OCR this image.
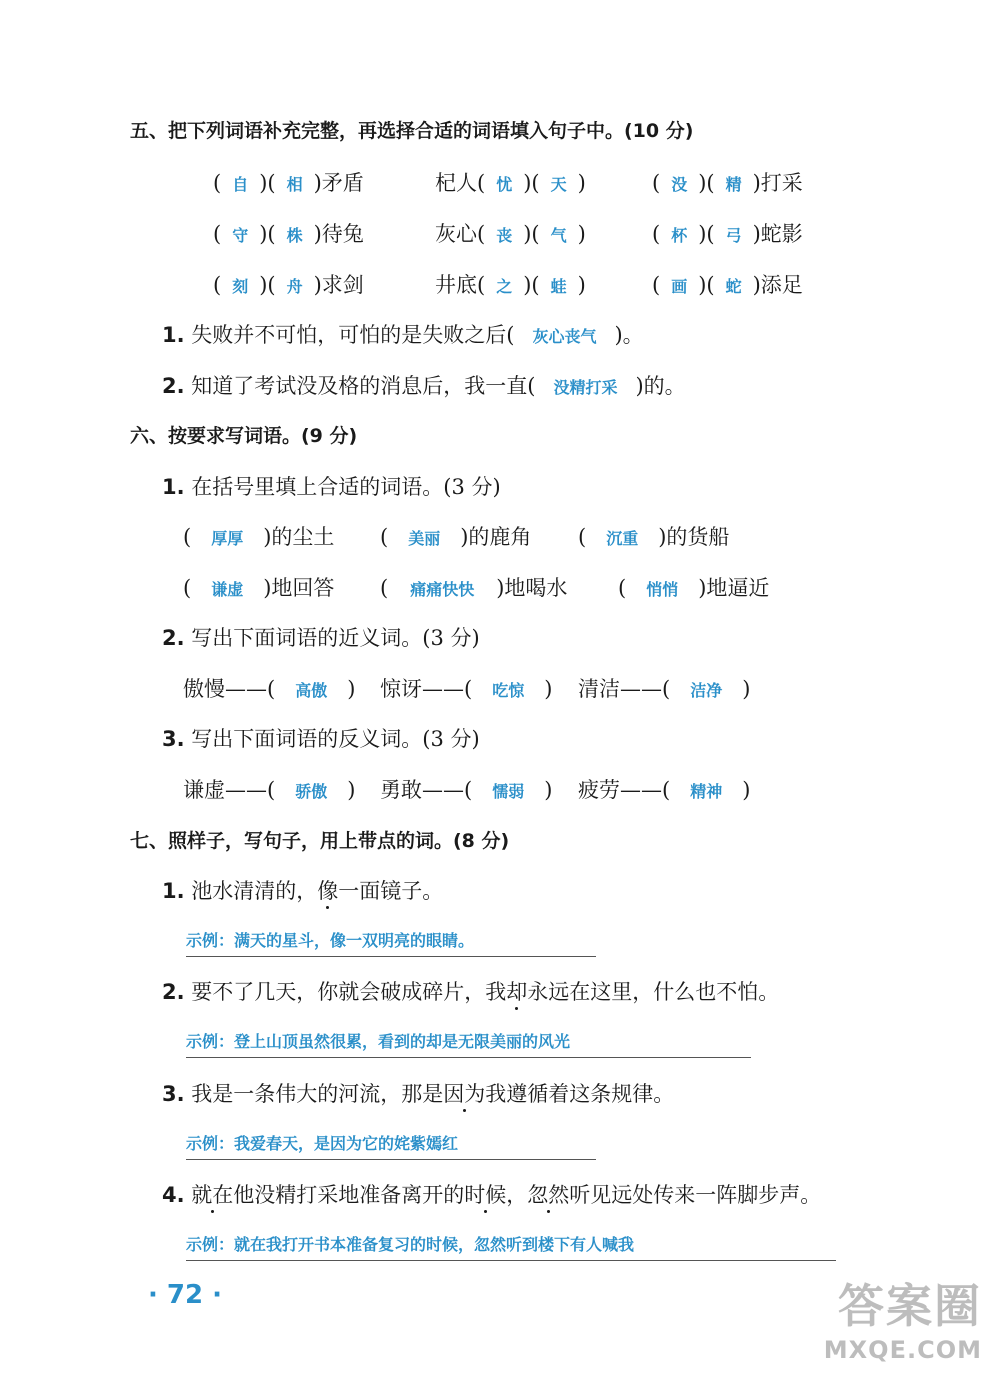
五、把下列词语补充完整，再选择合适的词语填入句子中。(10 分)
( 自 )( 相 )矛盾	杞人( 忧 )( 天 )	( 没 )( 精 )打采
( 守 )( 株 )待兔	灰心( 丧 )( 气 )	( 杯 )( 弓 )蛇影
( 刻 )( 舟 )求剑	井底( 之 )( 蛙 )	( 画 )( 蛇 )添足
1. 失败并不可怕，可怕的是失败之后( 灰心丧气 )。
2. 知道了考试没及格的消息后，我一直( 没精打采 )的。
六、按要求写词语。(9 分)
1. 在括号里填上合适的词语。(3 分)
( 厚厚 )的尘土 ( 美丽 )的鹿角 ( 沉重 )的货船
( 谦虚 )地回答 ( 痛痛快快 )地喝水 ( 悄悄 )地逼近
2. 写出下面词语的近义词。(3 分)
傲慢——( 高傲 ) 惊讶——( 吃惊 ) 清洁——( 洁净 )
3. 写出下面词语的反义词。(3 分)
谦虚——( 骄傲 ) 勇敢——( 懦弱 ) 疲劳——( 精神 )
七、照样子，写句子，用上带点的词。(8 分)
1. 池水清清的，像一面镜子。
示例：满天的星斗，像一双明亮的眼睛。
2. 要不了几天，你就会破成碎片，我却永远在这里，什么也不怕。
示例：登上山顶虽然很累，看到的却是无限美丽的风光
3. 我是一条伟大的河流，那是因为我遵循着这条规律。
示例：我爱春天，是因为它的姹紫嫣红
4. 就在他没精打采地准备离开的时候，忽然听见远处传来一阵脚步声。
示例：就在我打开书本准备复习的时候，忽然听到楼下有人喊我
· 72 ·	答案圈
MXQE.COM
